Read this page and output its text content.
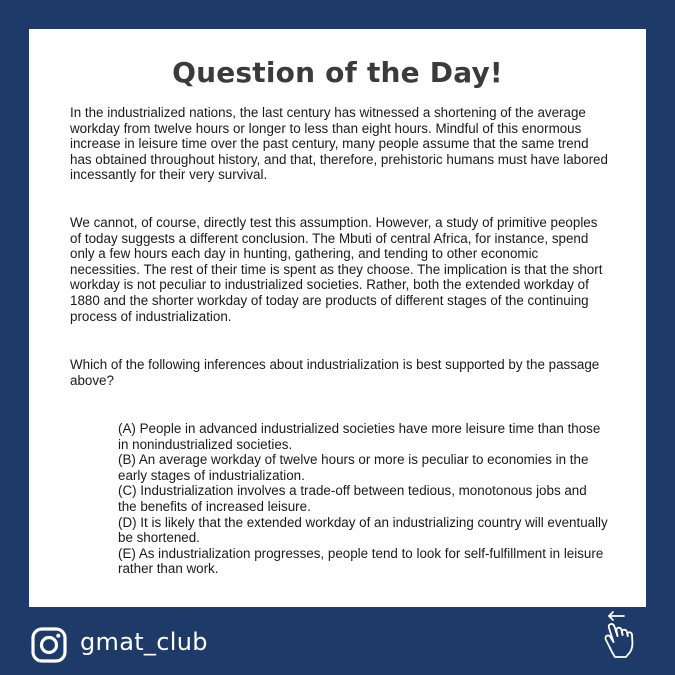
Question of the Day!

In the industrialized nations, the last century has witnessed a shortening of the average workday from twelve hours or longer to less than eight hours. Mindful of this enormous increase in leisure time over the past century, many people assume that the same trend has obtained throughout history, and that, therefore, prehistoric humans must have labored incessantly for their very survival.

We cannot, of course, directly test this assumption. However, a study of primitive peoples of today suggests a different conclusion. The Mbuti of central Africa, for instance, spend only a few hours each day in hunting, gathering, and tending to other economic necessities. The rest of their time is spent as they choose. The implication is that the short workday is not peculiar to industrialized societies. Rather, both the extended workday of 1880 and the shorter workday of today are products of different stages of the continuing process of industrialization.

Which of the following inferences about industrialization is best supported by the passage above?

(A) People in advanced industrialized societies have more leisure time than those in nonindustrialized societies.

(B) An average workday of twelve hours or more is peculiar to economies in the early stages of industrialization.

(C) Industrialization involves a trade-off between tedious, monotonous jobs and the benefits of increased leisure.

(D) It is likely that the extended workday of an industrializing country will eventually be shortened.

(E) As industrialization progresses, people tend to look for self-fulfillment in leisure rather than work.

gmat_club
